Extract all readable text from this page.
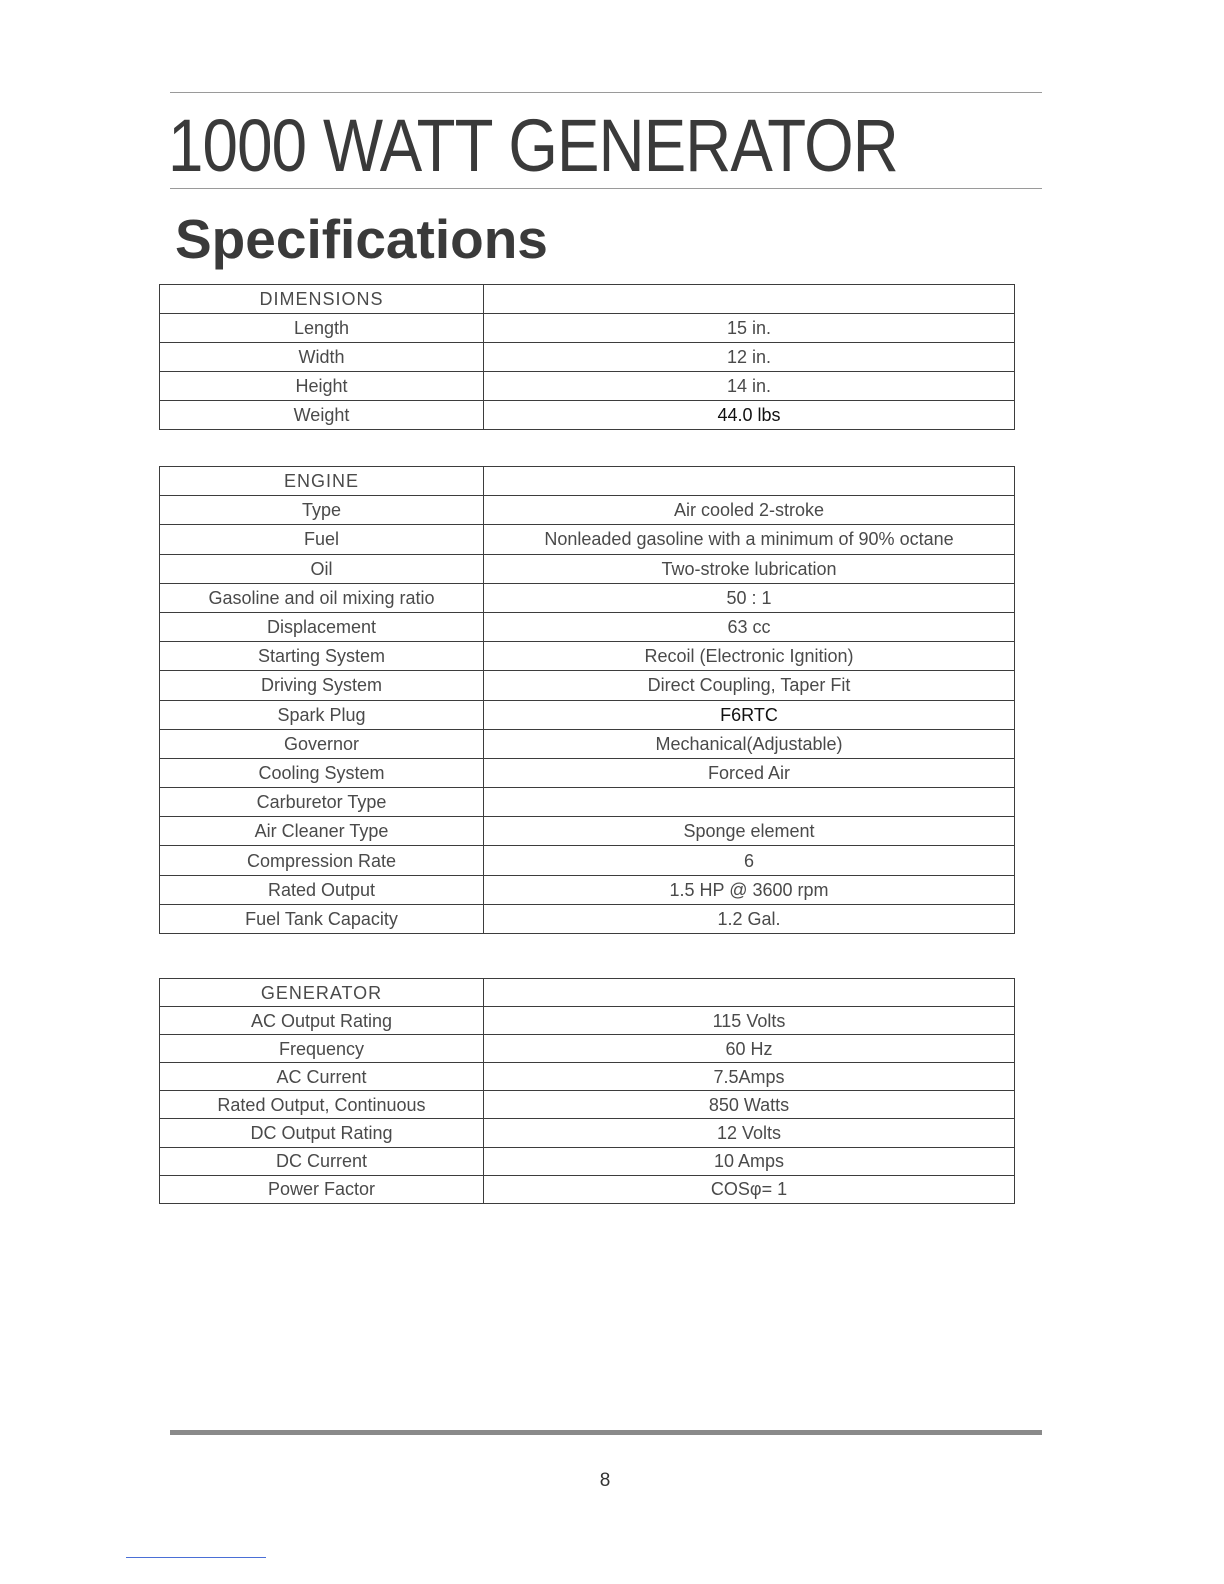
1000 WATT GENERATOR
Specifications
DIMENSIONS	
Length	15 in.
Width	12 in.
Height	14 in.
Weight	44.0 lbs
ENGINE	
Type	Air cooled 2-stroke
Fuel	Nonleaded gasoline with a minimum of 90% octane
Oil	Two-stroke lubrication
Gasoline and oil mixing ratio	50 : 1
Displacement	63 cc
Starting System	Recoil (Electronic Ignition)
Driving System	Direct Coupling, Taper Fit
Spark Plug	F6RTC
Governor	Mechanical(Adjustable)
Cooling System	Forced Air
Carburetor Type	
Air Cleaner Type	Sponge element
Compression Rate	6
Rated Output	1.5 HP @ 3600 rpm
Fuel Tank Capacity	1.2 Gal.
GENERATOR	
AC Output Rating	115 Volts
Frequency	60 Hz
AC Current	7.5Amps
Rated Output, Continuous	850 Watts
DC Output Rating	12 Volts
DC Current	10 Amps
Power Factor	COSφ= 1
8
